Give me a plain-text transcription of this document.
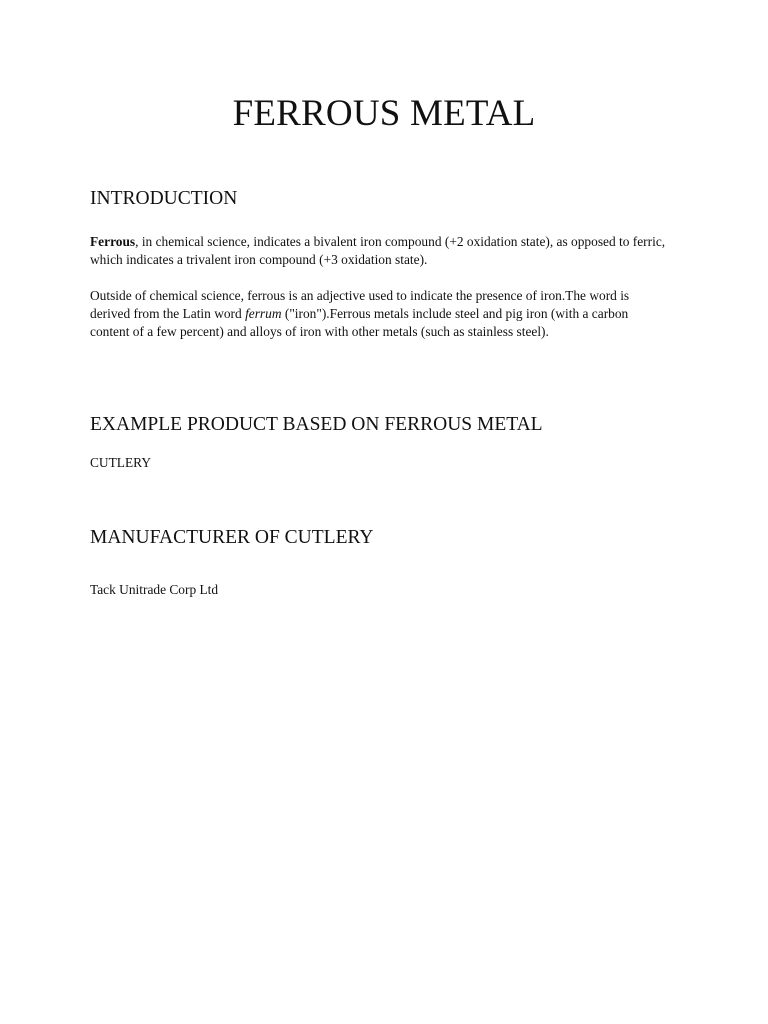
FERROUS METAL
INTRODUCTION

Ferrous, in chemical science, indicates a bivalent iron compound (+2 oxidation state), as opposed to ferric, which indicates a trivalent iron compound (+3 oxidation state).

Outside of chemical science, ferrous is an adjective used to indicate the presence of iron.The word is derived from the Latin word ferrum ("iron").Ferrous metals include steel and pig iron (with a carbon content of a few percent) and alloys of iron with other metals (such as stainless steel).

EXAMPLE PRODUCT BASED ON FERROUS METAL

CUTLERY

MANUFACTURER OF CUTLERY

Tack Unitrade Corp Ltd
